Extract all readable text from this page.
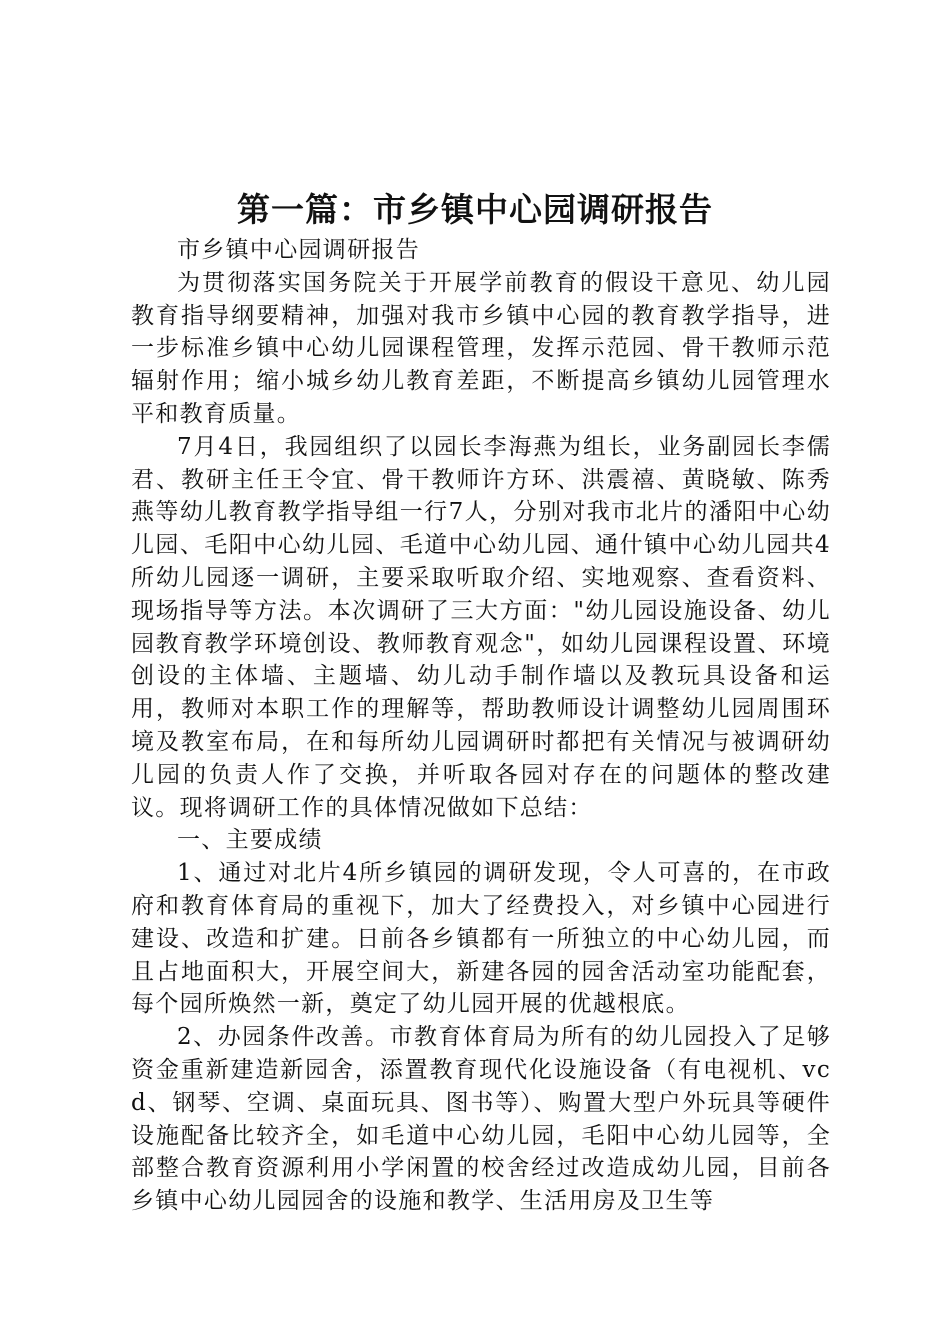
第一篇：市乡镇中心园调研报告

市乡镇中心园调研报告

为贯彻落实国务院关于开展学前教育的假设干意见、幼儿园教育指导纲要精神，加强对我市乡镇中心园的教育教学指导，进一步标准乡镇中心幼儿园课程管理，发挥示范园、骨干教师示范辐射作用；缩小城乡幼儿教育差距，不断提高乡镇幼儿园管理水平和教育质量。

7月4日，我园组织了以园长李海燕为组长，业务副园长李儒君、教研主任王令宜、骨干教师许方环、洪震禧、黄晓敏、陈秀燕等幼儿教育教学指导组一行7人，分别对我市北片的潘阳中心幼儿园、毛阳中心幼儿园、毛道中心幼儿园、通什镇中心幼儿园共4所幼儿园逐一调研，主要采取听取介绍、实地观察、查看资料、现场指导等方法。本次调研了三大方面："幼儿园设施设备、幼儿园教育教学环境创设、教师教育观念"，如幼儿园课程设置、环境创设的主体墙、主题墙、幼儿动手制作墙以及教玩具设备和运用，教师对本职工作的理解等，帮助教师设计调整幼儿园周围环境及教室布局，在和每所幼儿园调研时都把有关情况与被调研幼儿园的负责人作了交换，并听取各园对存在的问题体的整改建议。现将调研工作的具体情况做如下总结：

一、主要成绩

1、通过对北片4所乡镇园的调研发现，令人可喜的，在市政府和教育体育局的重视下，加大了经费投入，对乡镇中心园进行建设、改造和扩建。日前各乡镇都有一所独立的中心幼儿园，而且占地面积大，开展空间大，新建各园的园舍活动室功能配套，每个园所焕然一新，奠定了幼儿园开展的优越根底。

2、办园条件改善。市教育体育局为所有的幼儿园投入了足够资金重新建造新园舍，添置教育现代化设施设备（有电视机、vcd、钢琴、空调、桌面玩具、图书等）、购置大型户外玩具等硬件设施配备比较齐全，如毛道中心幼儿园，毛阳中心幼儿园等，全部整合教育资源利用小学闲置的校舍经过改造成幼儿园，目前各乡镇中心幼儿园园舍的设施和教学、生活用房及卫生等
